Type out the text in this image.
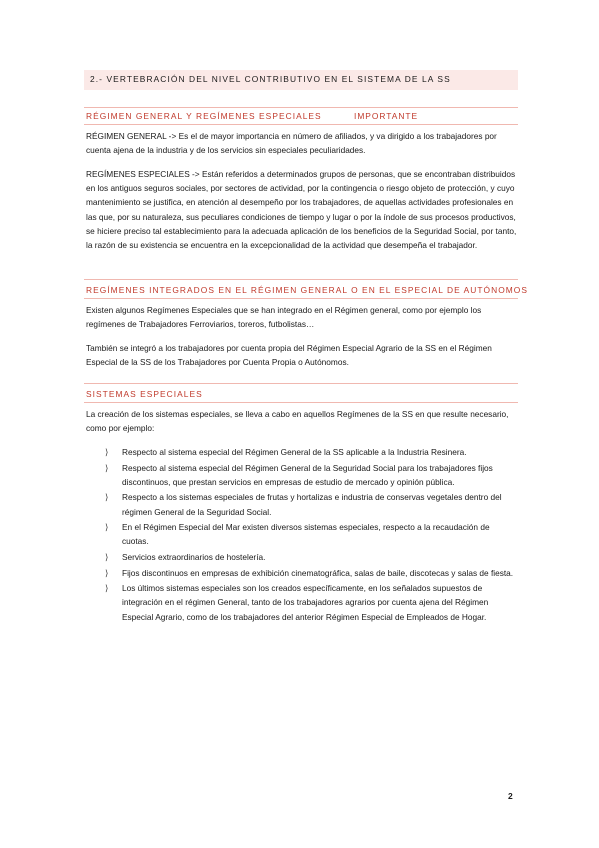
2.- VERTEBRACIÓN DEL NIVEL CONTRIBUTIVO EN EL SISTEMA DE LA SS
RÉGIMEN GENERAL Y REGÍMENES ESPECIALES	IMPORTANTE

RÉGIMEN GENERAL -> Es el de mayor importancia en número de afiliados, y va dirigido a los trabajadores por cuenta ajena de la industria y de los servicios sin especiales peculiaridades.

REGÍMENES ESPECIALES -> Están referidos a determinados grupos de personas, que se encontraban distribuidos en los antiguos seguros sociales, por sectores de actividad, por la contingencia o riesgo objeto de protección, y cuyo mantenimiento se justifica, en atención al desempeño por los trabajadores, de aquellas actividades profesionales en las que, por su naturaleza, sus peculiares condiciones de tiempo y lugar o por la índole de sus procesos productivos, se hiciere preciso tal establecimiento para la adecuada aplicación de los beneficios de la Seguridad Social, por tanto, la razón de su existencia se encuentra en la excepcionalidad de la actividad que desempeña el trabajador.

REGÍMENES INTEGRADOS EN EL RÉGIMEN GENERAL O EN EL ESPECIAL DE AUTÓNOMOS

Existen algunos Regímenes Especiales que se han integrado en el Régimen general, como por ejemplo los regímenes de Trabajadores Ferroviarios, toreros, futbolistas…

También se integró a los trabajadores por cuenta propia del Régimen Especial Agrario de la SS en el Régimen Especial de la SS de los Trabajadores por Cuenta Propia o Autónomos.

SISTEMAS ESPECIALES

La creación de los sistemas especiales, se lleva a cabo en aquellos Regímenes de la SS en que resulte necesario, como por ejemplo:

⟩ Respecto al sistema especial del Régimen General de la SS aplicable a la Industria Resinera.
⟩ Respecto al sistema especial del Régimen General de la Seguridad Social para los trabajadores fijos discontinuos, que prestan servicios en empresas de estudio de mercado y opinión pública.
⟩ Respecto a los sistemas especiales de frutas y hortalizas e industria de conservas vegetales dentro del régimen General de la Seguridad Social.
⟩ En el Régimen Especial del Mar existen diversos sistemas especiales, respecto a la recaudación de cuotas.
⟩ Servicios extraordinarios de hostelería.
⟩ Fijos discontinuos en empresas de exhibición cinematográfica, salas de baile, discotecas y salas de fiesta.
⟩ Los últimos sistemas especiales son los creados específicamente, en los señalados supuestos de integración en el régimen General, tanto de los trabajadores agrarios por cuenta ajena del Régimen Especial Agrario, como de los trabajadores del anterior Régimen Especial de Empleados de Hogar.
2
